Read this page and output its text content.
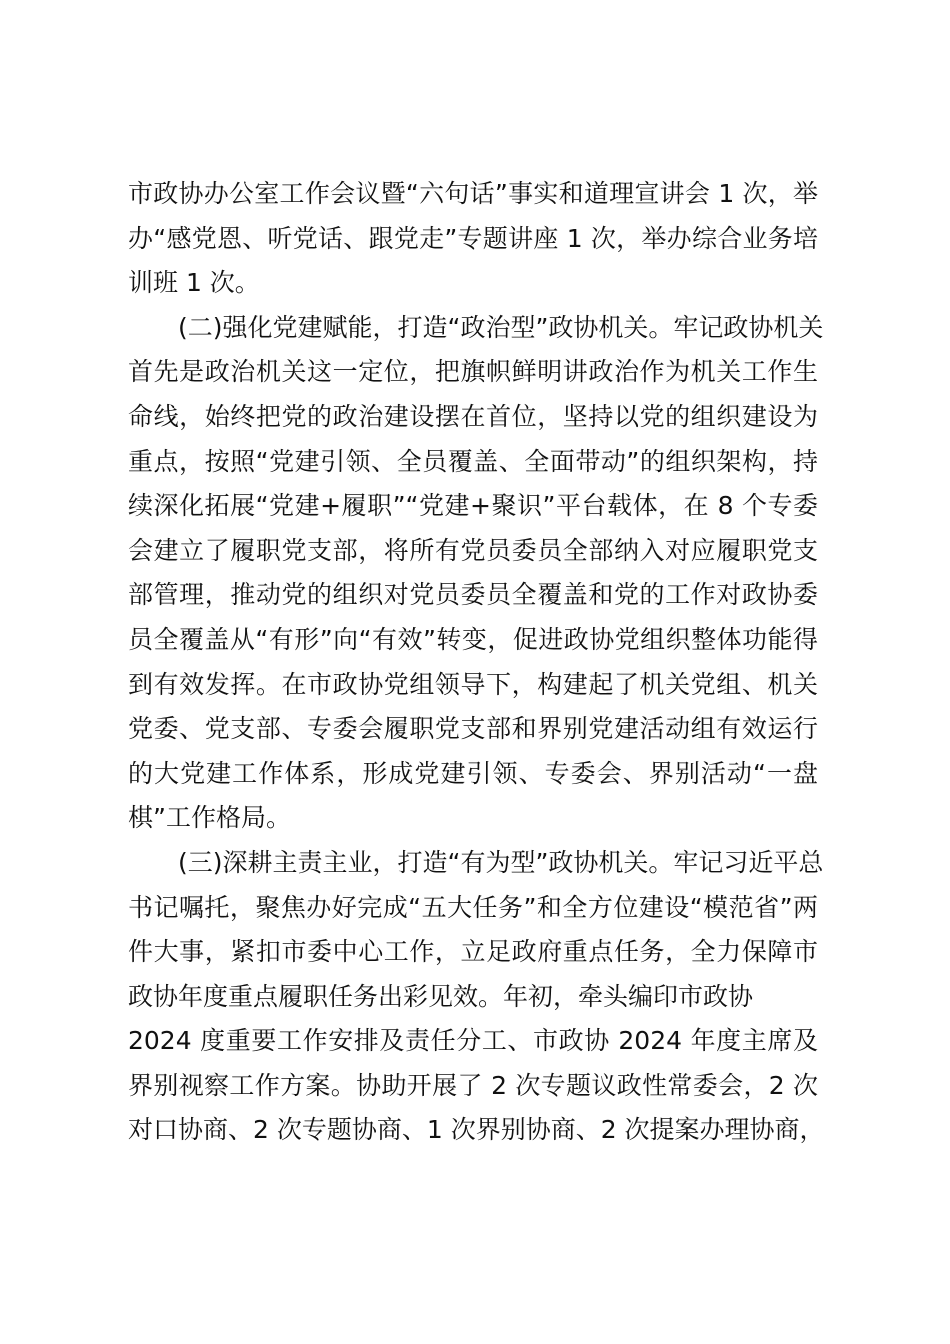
市政协办公室工作会议暨“六句话”事实和道理宣讲会 1 次，举
办“感党恩、听党话、跟党走”专题讲座 1 次，举办综合业务培
训班 1 次。
(二)强化党建赋能，打造“政治型”政协机关。牢记政协机关
首先是政治机关这一定位，把旗帜鲜明讲政治作为机关工作生
命线，始终把党的政治建设摆在首位，坚持以党的组织建设为
重点，按照“党建引领、全员覆盖、全面带动”的组织架构，持
续深化拓展“党建+履职”“党建+聚识”平台载体，在 8 个专委
会建立了履职党支部，将所有党员委员全部纳入对应履职党支
部管理，推动党的组织对党员委员全覆盖和党的工作对政协委
员全覆盖从“有形”向“有效”转变，促进政协党组织整体功能得
到有效发挥。在市政协党组领导下，构建起了机关党组、机关
党委、党支部、专委会履职党支部和界别党建活动组有效运行
的大党建工作体系，形成党建引领、专委会、界别活动“一盘
棋”工作格局。
(三)深耕主责主业，打造“有为型”政协机关。牢记习近平总
书记嘱托，聚焦办好完成“五大任务”和全方位建设“模范省”两
件大事，紧扣市委中心工作，立足政府重点任务，全力保障市
政协年度重点履职任务出彩见效。年初，牵头编印市政协
2024 度重要工作安排及责任分工、市政协 2024 年度主席及
界别视察工作方案。协助开展了 2 次专题议政性常委会，2 次
对口协商、2 次专题协商、1 次界别协商、2 次提案办理协商，
